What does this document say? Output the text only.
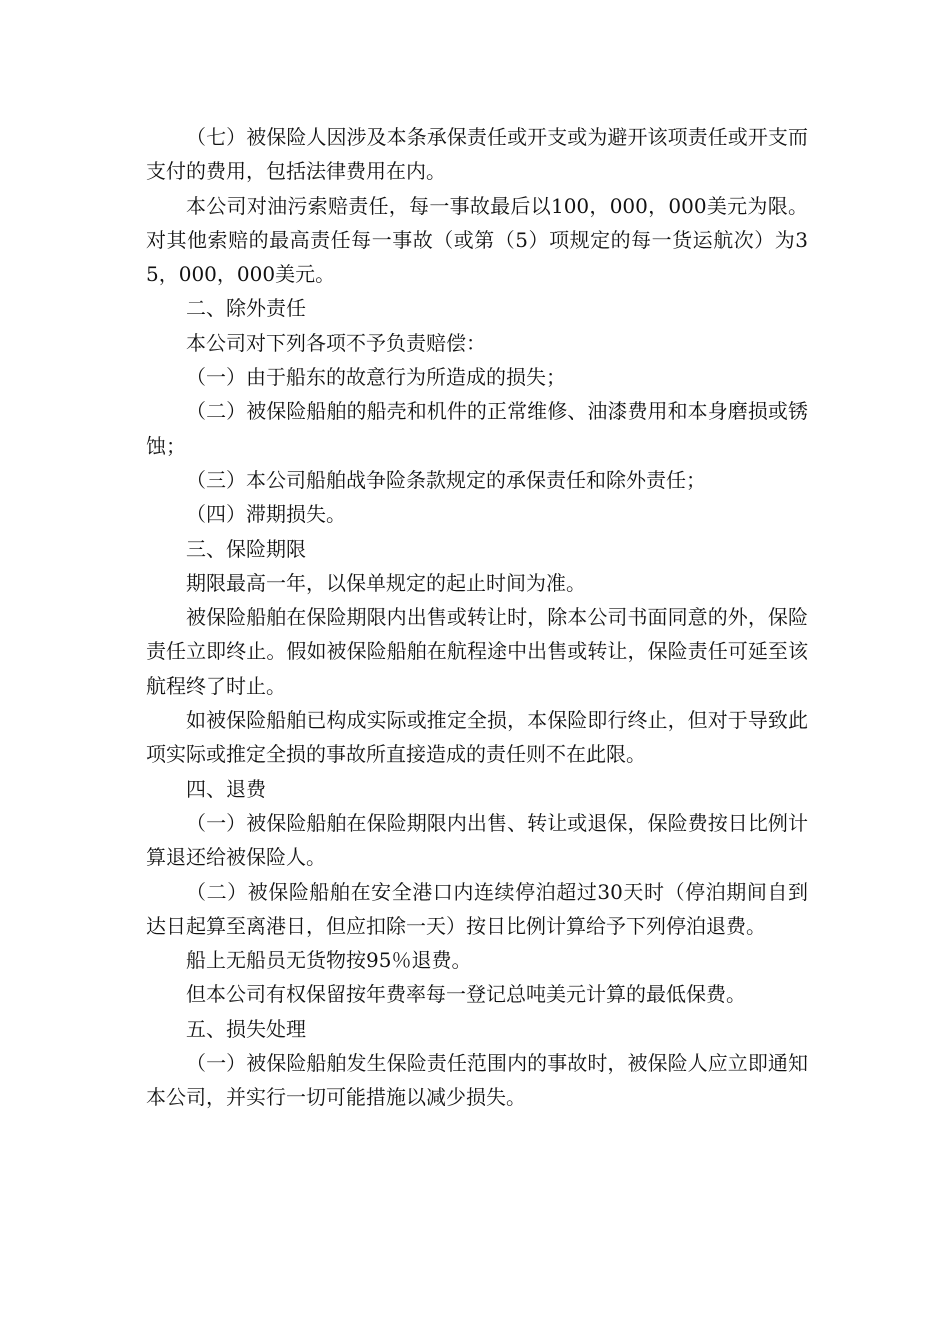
（七）被保险人因涉及本条承保责任或开支或为避开该项责任或开支而支付的费用，包括法律费用在内。

本公司对油污索赔责任，每一事故最后以100，000，000美元为限。对其他索赔的最高责任每一事故（或第（5）项规定的每一货运航次）为35，000，000美元。

二、除外责任

本公司对下列各项不予负责赔偿：

（一）由于船东的故意行为所造成的损失；

（二）被保险船舶的船壳和机件的正常维修、油漆费用和本身磨损或锈蚀；

（三）本公司船舶战争险条款规定的承保责任和除外责任；

（四）滞期损失。

三、保险期限

期限最高一年，以保单规定的起止时间为准。

被保险船舶在保险期限内出售或转让时，除本公司书面同意的外，保险责任立即终止。假如被保险船舶在航程途中出售或转让，保险责任可延至该航程终了时止。

如被保险船舶已构成实际或推定全损，本保险即行终止，但对于导致此项实际或推定全损的事故所直接造成的责任则不在此限。

四、退费

（一）被保险船舶在保险期限内出售、转让或退保，保险费按日比例计算退还给被保险人。

（二）被保险船舶在安全港口内连续停泊超过30天时（停泊期间自到达日起算至离港日，但应扣除一天）按日比例计算给予下列停泊退费。

船上无船员无货物按95％退费。

但本公司有权保留按年费率每一登记总吨美元计算的最低保费。

五、损失处理

（一）被保险船舶发生保险责任范围内的事故时，被保险人应立即通知本公司，并实行一切可能措施以减少损失。
